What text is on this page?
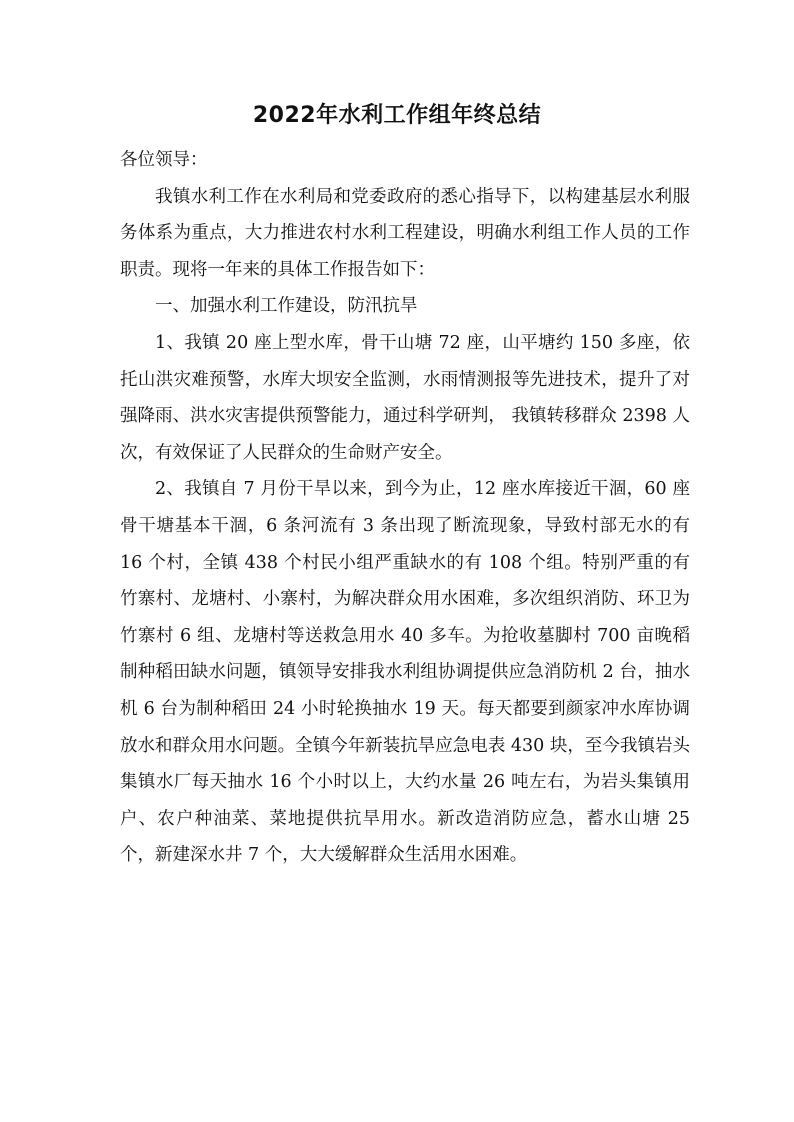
2022年水利工作组年终总结

各位领导：

我镇水利工作在水利局和党委政府的悉心指导下，以构建基层水利服务体系为重点，大力推进农村水利工程建设，明确水利组工作人员的工作职责。现将一年来的具体工作报告如下：

一、加强水利工作建设，防汛抗旱

1、我镇 20 座上型水库，骨干山塘 72 座，山平塘约 150 多座，依托山洪灾难预警，水库大坝安全监测，水雨情测报等先进技术，提升了对强降雨、洪水灾害提供预警能力，通过科学研判， 我镇转移群众 2398 人次，有效保证了人民群众的生命财产安全。

2、我镇自 7 月份干旱以来，到今为止，12 座水库接近干涸，60 座骨干塘基本干涸，6 条河流有 3 条出现了断流现象，导致村部无水的有 16 个村，全镇 438 个村民小组严重缺水的有 108 个组。特别严重的有竹寨村、龙塘村、小寨村，为解决群众用水困难，多次组织消防、环卫为竹寨村 6 组、龙塘村等送救急用水 40 多车。为抢收墓脚村 700 亩晚稻制种稻田缺水问题，镇领导安排我水利组协调提供应急消防机 2 台，抽水机 6 台为制种稻田 24 小时轮换抽水 19 天。每天都要到颜家冲水库协调放水和群众用水问题。全镇今年新装抗旱应急电表 430 块，至今我镇岩头集镇水厂每天抽水 16 个小时以上，大约水量 26 吨左右，为岩头集镇用户、农户种油菜、菜地提供抗旱用水。新改造消防应急，蓄水山塘 25 个，新建深水井 7 个，大大缓解群众生活用水困难。
